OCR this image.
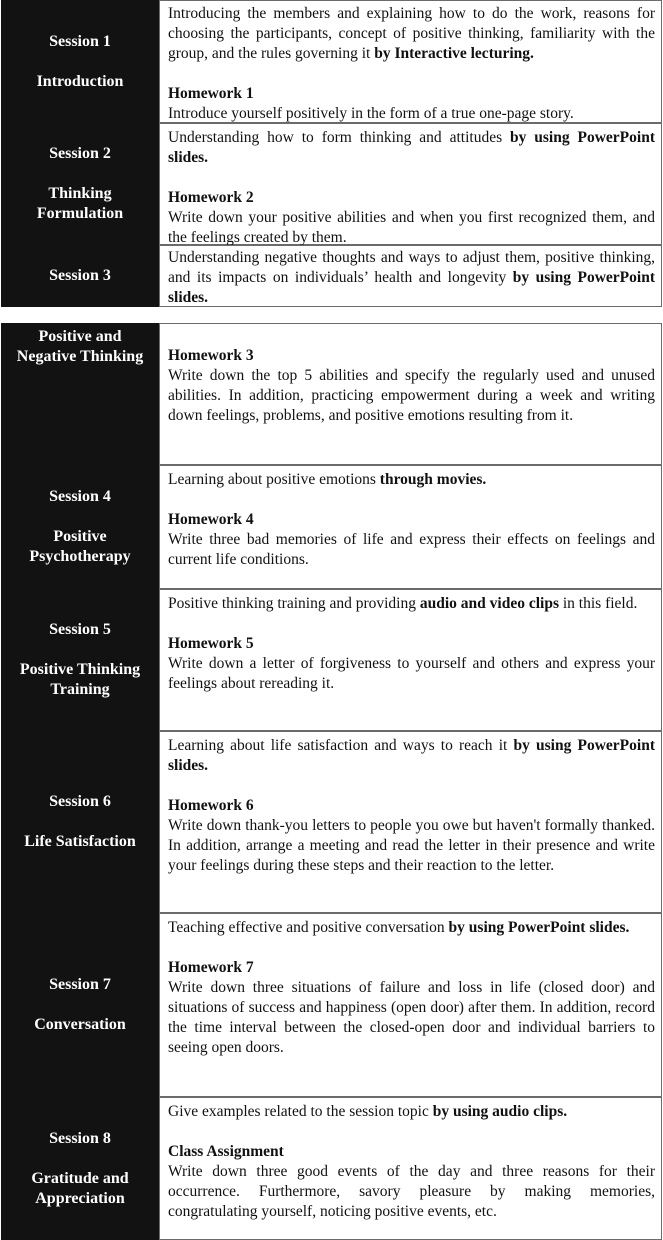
Session 1
Introduction

Introducing the members and explaining how to do the work, reasons for choosing the participants, concept of positive thinking, familiarity with the group, and the rules governing it by Interactive lecturing.

Homework 1

Introduce yourself positively in the form of a true one-page story.

Session 2
Thinking
Formulation

Understanding how to form thinking and attitudes by using PowerPoint slides.

Homework 2

Write down your positive abilities and when you first recognized them, and the feelings created by them.

Session 3

Understanding negative thoughts and ways to adjust them, positive thinking, and its impacts on individuals’ health and longevity by using PowerPoint slides.

Positive and
Negative Thinking Homework 3

Write down the top 5 abilities and specify the regularly used and unused abilities. In addition, practicing empowerment during a week and writing down feelings, problems, and positive emotions resulting from it.

Session 4
Positive
Psychotherapy

Learning about positive emotions through movies.

Homework 4

Write three bad memories of life and express their effects on feelings and current life conditions.

Session 5
Positive Thinking
Training

Positive thinking training and providing audio and video clips in this field.

Homework 5

Write down a letter of forgiveness to yourself and others and express your feelings about rereading it.

Session 6
Life Satisfaction

Learning about life satisfaction and ways to reach it by using PowerPoint slides.

Homework 6

Write down thank-you letters to people you owe but haven't formally thanked. In addition, arrange a meeting and read the letter in their presence and write your feelings during these steps and their reaction to the letter.

Session 7
Conversation

Teaching effective and positive conversation by using PowerPoint slides.

Homework 7

Write down three situations of failure and loss in life (closed door) and situations of success and happiness (open door) after them. In addition, record the time interval between the closed-open door and individual barriers to seeing open doors.

Session 8
Gratitude and
Appreciation

Give examples related to the session topic by using audio clips.

Class Assignment

Write down three good events of the day and three reasons for their occurrence. Furthermore, savory pleasure by making memories, congratulating yourself, noticing positive events, etc.
